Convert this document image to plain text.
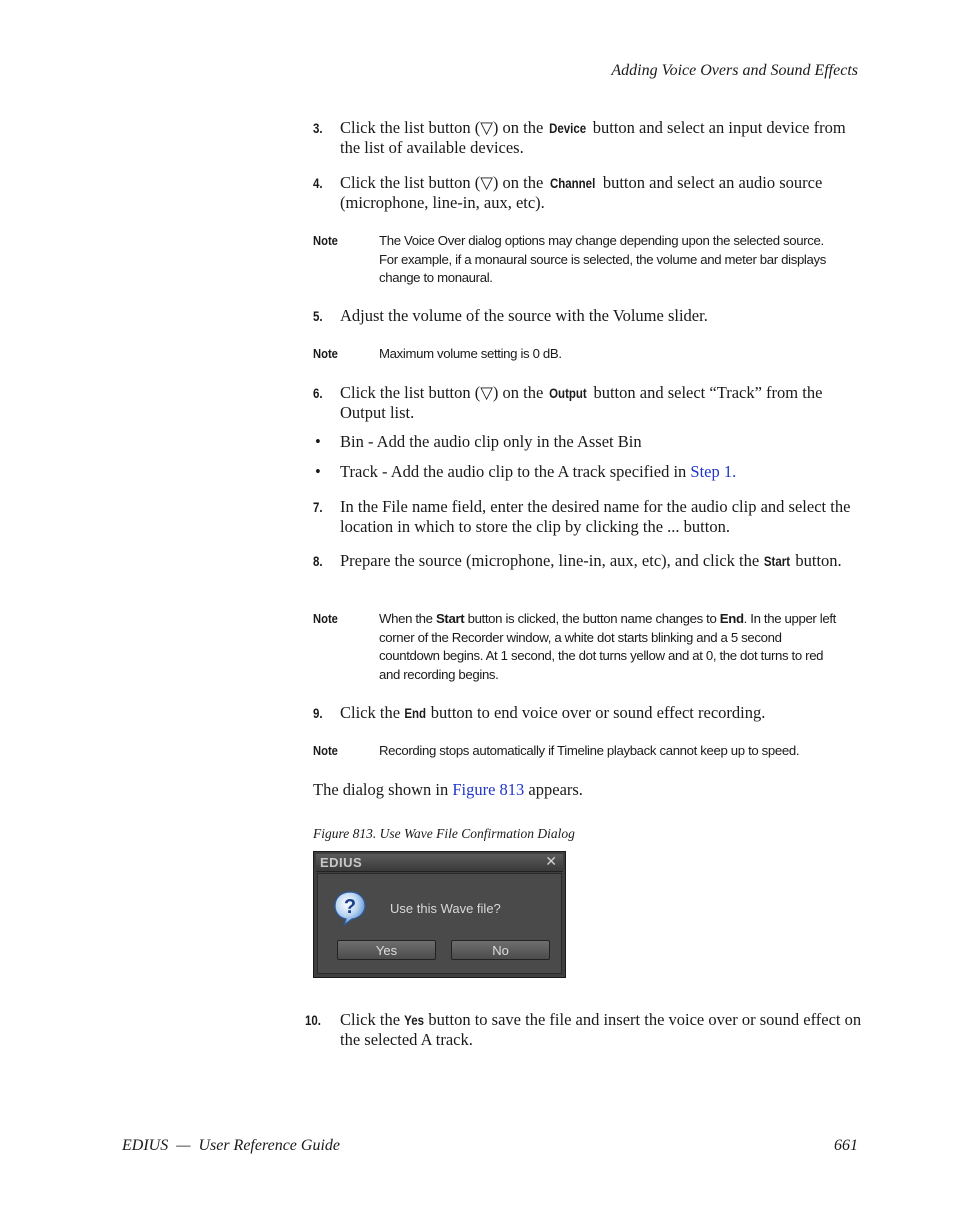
Adding Voice Overs and Sound Effects
3. Click the list button (▽) on the Device button and select an input device from the list of available devices.
4. Click the list button (▽) on the Channel button and select an audio source (microphone, line-in, aux, etc).
Note	The Voice Over dialog options may change depending upon the selected source. For example, if a monaural source is selected, the volume and meter bar displays change to monaural.
5. Adjust the volume of the source with the Volume slider.
Note	Maximum volume setting is 0 dB.
6. Click the list button (▽) on the Output button and select “Track” from the Output list.
• Bin - Add the audio clip only in the Asset Bin
• Track - Add the audio clip to the A track specified in Step 1.
7. In the File name field, enter the desired name for the audio clip and select the location in which to store the clip by clicking the ... button.
8. Prepare the source (microphone, line-in, aux, etc), and click the Start button.
Note	When the Start button is clicked, the button name changes to End. In the upper left corner of the Recorder window, a white dot starts blinking and a 5 second countdown begins. At 1 second, the dot turns yellow and at 0, the dot turns to red and recording begins.
9. Click the End button to end voice over or sound effect recording.
Note	Recording stops automatically if Timeline playback cannot keep up to speed.
The dialog shown in Figure 813 appears.
Figure 813. Use Wave File Confirmation Dialog
EDIUS	✕
?	Use this Wave file?
Yes	No
10. Click the Yes button to save the file and insert the voice over or sound effect on the selected A track.
EDIUS  —  User Reference Guide	661
